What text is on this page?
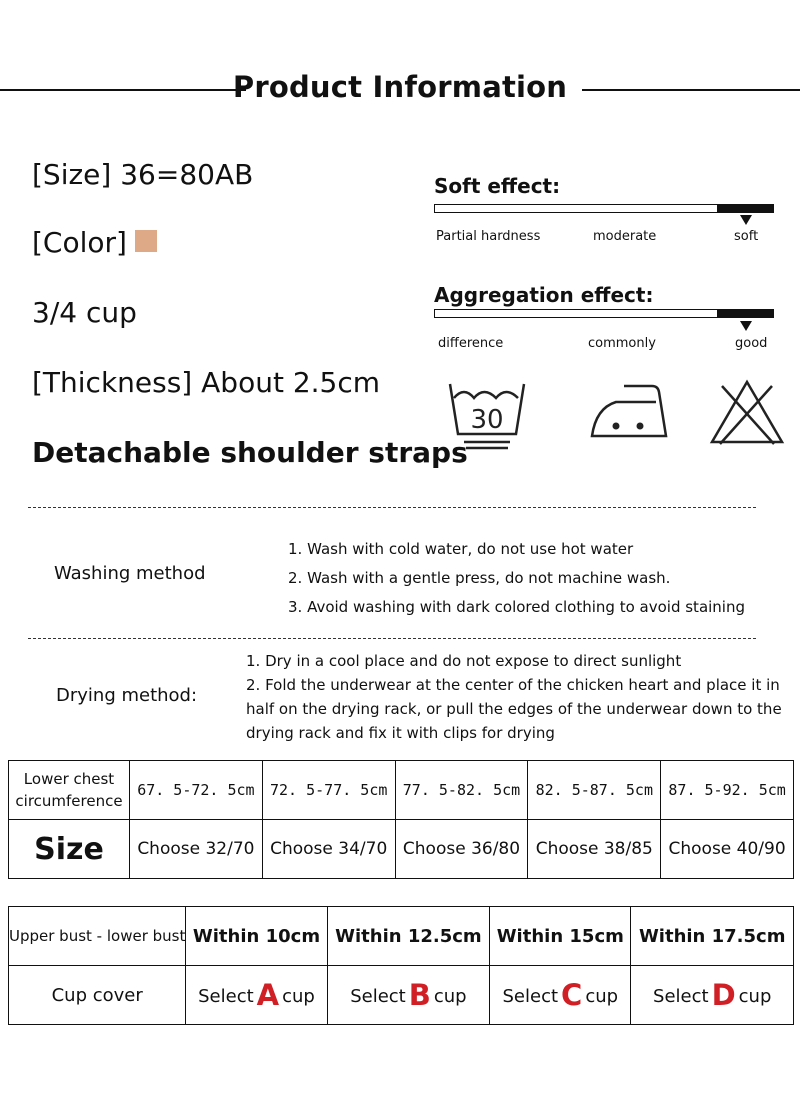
Product Information
[Size] 36=80AB
[Color]
3/4 cup
[Thickness] About 2.5cm
Detachable shoulder straps
Soft effect:
Partial hardness	moderate	soft
Aggregation effect:
difference	commonly	good
30
Washing method
1. Wash with cold water, do not use hot water
2. Wash with a gentle press, do not machine wash.
3. Avoid washing with dark colored clothing to avoid staining
Drying method:
1. Dry in a cool place and do not expose to direct sunlight
2. Fold the underwear at the center of the chicken heart and place it in
half on the drying rack, or pull the edges of the underwear down to the
drying rack and fix it with clips for drying
Lower chest
circumference	67. 5-72. 5cm	72. 5-77. 5cm	77. 5-82. 5cm	82. 5-87. 5cm	87. 5-92. 5cm
Size	Choose 32/70	Choose 34/70	Choose 36/80	Choose 38/85	Choose 40/90
Upper bust - lower bust	Within 10cm	Within 12.5cm	Within 15cm	Within 17.5cm
Cup cover	Select A cup	Select B cup	Select C cup	Select D cup
